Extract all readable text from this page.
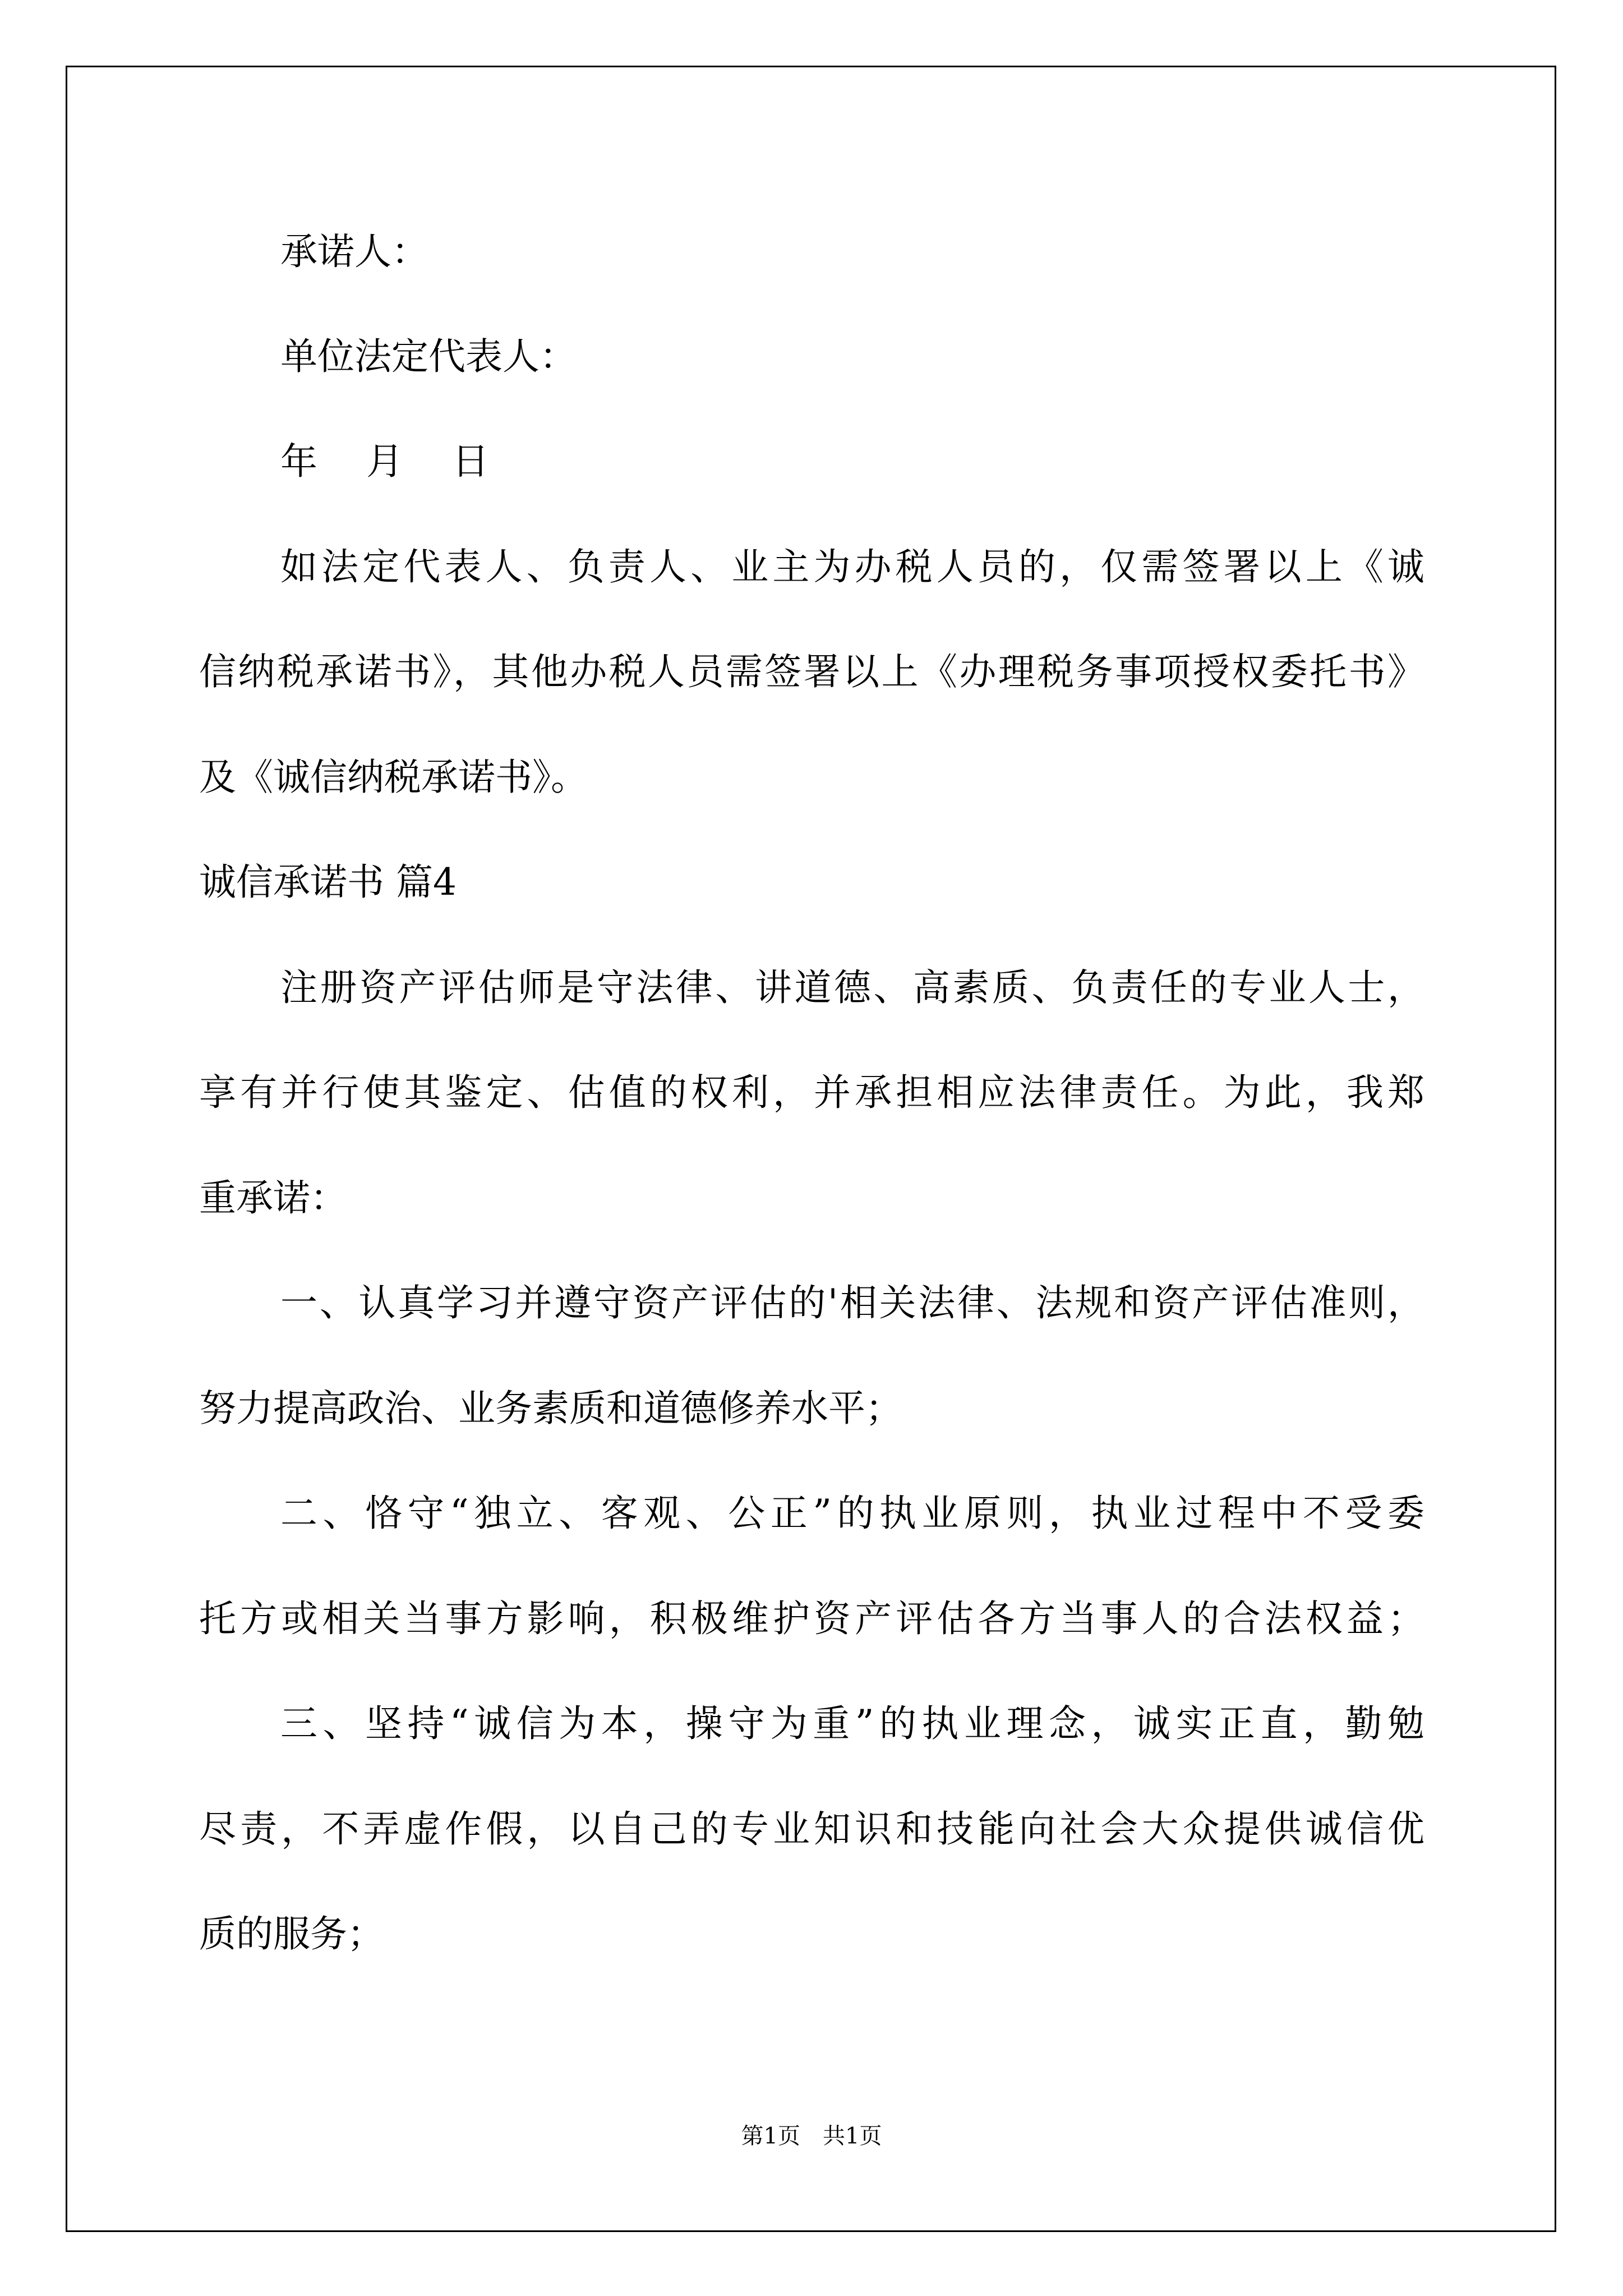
承诺人：

单位法定代表人：

年　 月　 日

如法定代表人、负责人、业主为办税人员的，仅需签署以上《诚

信纳税承诺书》，其他办税人员需签署以上《办理税务事项授权委托书》

及《诚信纳税承诺书》。

诚信承诺书 篇4

注册资产评估师是守法律、讲道德、高素质、负责任的专业人士，

享有并行使其鉴定、估值的权利，并承担相应法律责任。为此，我郑

重承诺：

一、认真学习并遵守资产评估的'相关法律、法规和资产评估准则，

努力提高政治、业务素质和道德修养水平；

二、恪守“独立、客观、公正”的执业原则，执业过程中不受委

托方或相关当事方影响，积极维护资产评估各方当事人的合法权益；

三、坚持“诚信为本，操守为重”的执业理念，诚实正直，勤勉

尽责，不弄虚作假，以自己的专业知识和技能向社会大众提供诚信优

质的服务；

第1页　共1页
